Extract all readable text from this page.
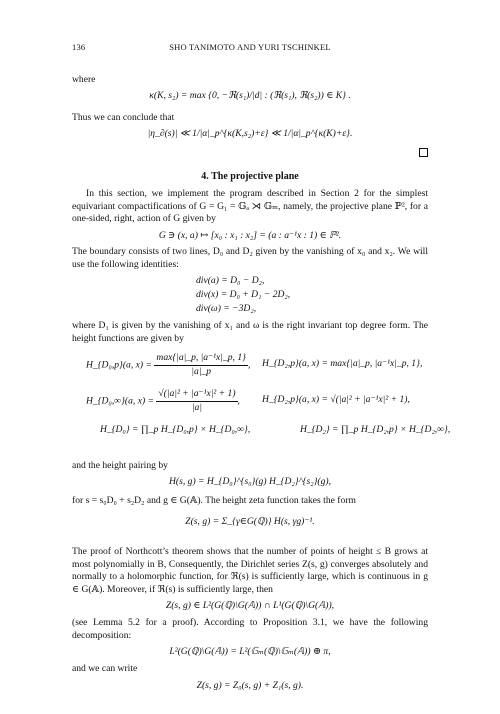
136	SHO TANIMOTO AND YURI TSCHINKEL
where
κ(K, s₂) = max {0, −ℜ(s₁)/|d| : (ℜ(s₁), ℜ(s₂)) ∈ K} .
Thus we can conclude that
|η_∂(s)| ≪ 1/|α|_p^{κ(K,s₂)+ε} ≪ 1/|α|_p^{κ(K)+ε}.
4. The projective plane
In this section, we implement the program described in Section 2 for the simplest equivariant compactifications of G = G₁ = 𝔾ₐ ⋊ 𝔾ₘ, namely, the projective plane ℙ², for a one-sided, right, action of G given by
G ∋ (x, a) ↦ [x₀ : x₁ : x₂] = (a : a⁻¹x : 1) ∈ ℙ².
The boundary consists of two lines, D₀ and D₂ given by the vanishing of x₀ and x₂. We will use the following identities:
div(a) = D₀ − D₂,
div(x) = D₀ + D₁ − 2D₂,
div(ω) = −3D₂,
where D₁ is given by the vanishing of x₁ and ω is the right invariant top degree form. The height functions are given by
H_{D₀,p}(a, $x) = \frac{\text{max\{|a|\_p, |a⁻¹x|\_p, 1\}}}{|a|\_p}$ , H_{D₂,p}(a, x) = max{|a|_p, |a⁻¹x|_p, 1},
H_{D₀,∞}(a, $x) = \frac{\text{√(|a|² + |a⁻¹x|² + 1)}}{|a|}$ , H_{D₂,p}(a, x) = √(|a|² + |a⁻¹x|² + 1),
H_{D₀} = ∏_p H_{D₀,p} × H_{D₀,∞},	H_{D₂} = ∏_p H_{D₂,p} × H_{D₂,∞},
and the height pairing by
H(s, g) = H_{D₀}^{s₀}(g) H_{D₂}^{s₂}(g),
for s = s₀D₀ + s₂D₂ and g ∈ G(𝔸). The height zeta function takes the form
Z(s, g) = Σ_{γ∈G(ℚ)} H(s, γg)⁻¹.
The proof of Northcott’s theorem shows that the number of points of height ≤ B grows at most polynomially in B, Consequently, the Dirichlet series Z(s, g) converges absolutely and normally to a holomorphic function, for ℜ(s) is sufficiently large, which is continuous in g ∈ G(𝔸). Moreover, if ℜ(s) is sufficiently large, then
Z(s, g) ∈ L²(G(ℚ)\G(𝔸)) ∩ L¹(G(ℚ)\G(𝔸)),
(see Lemma 5.2 for a proof). According to Proposition 3.1, we have the following decomposition:
L²(G(ℚ)\G(𝔸)) = L²(𝔾ₘ(ℚ)\𝔾ₘ(𝔸)) ⊕ π,
and we can write
Z(s, g) = Z₀(s, g) + Z₁(s, g).
